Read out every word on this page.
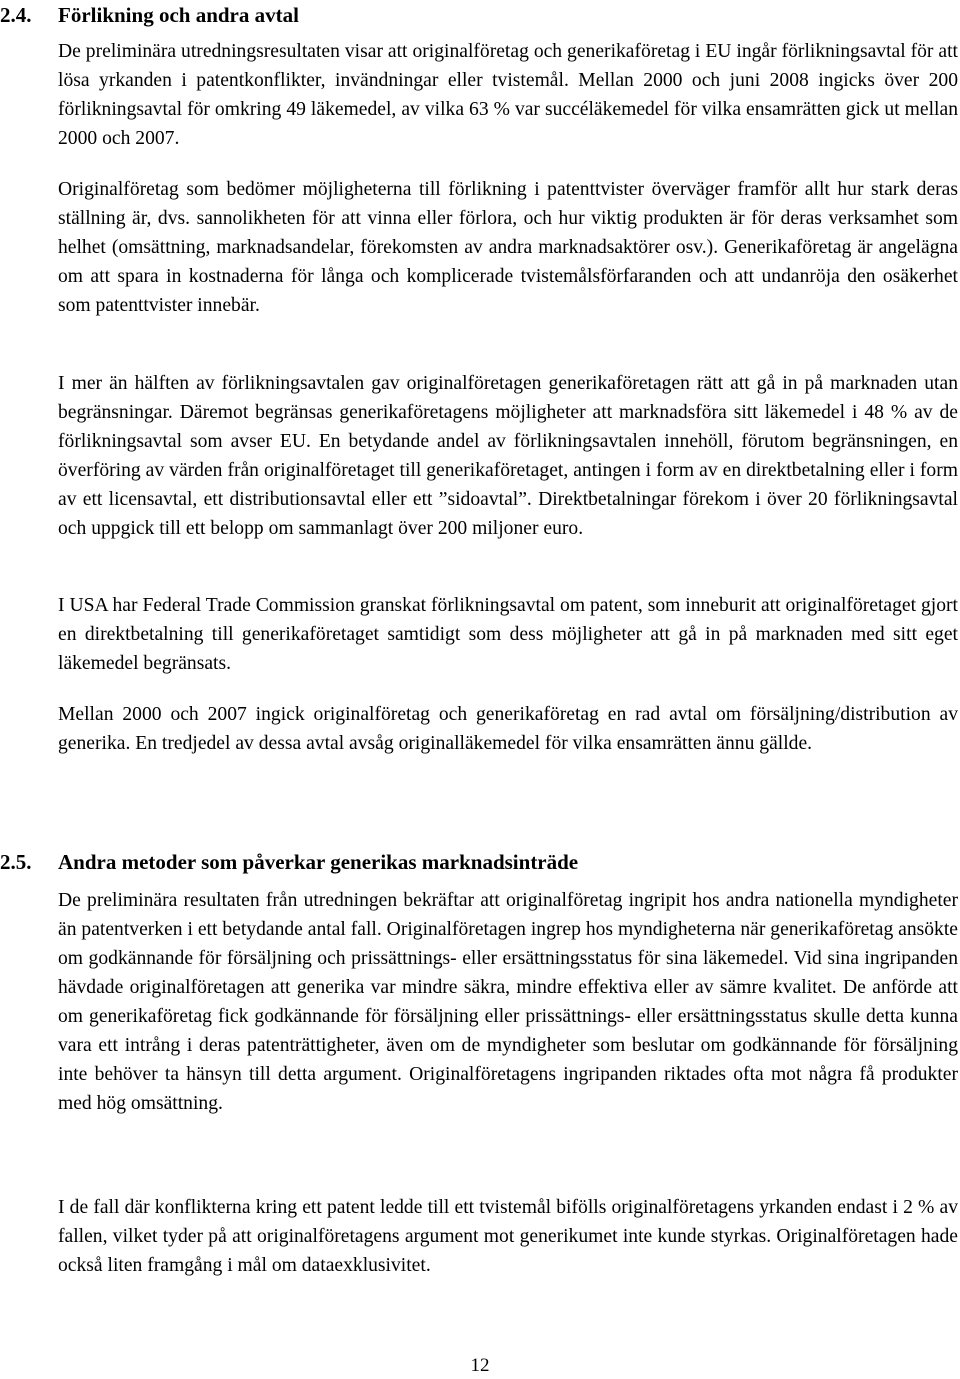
2.4. Förlikning och andra avtal

De preliminära utredningsresultaten visar att originalföretag och generikaföretag i EU ingår förlikningsavtal för att lösa yrkanden i patentkonflikter, invändningar eller tvistemål. Mellan 2000 och juni 2008 ingicks över 200 förlikningsavtal för omkring 49 läkemedel, av vilka 63 % var succéläkemedel för vilka ensamrätten gick ut mellan 2000 och 2007.

Originalföretag som bedömer möjligheterna till förlikning i patenttvister överväger framför allt hur stark deras ställning är, dvs. sannolikheten för att vinna eller förlora, och hur viktig produkten är för deras verksamhet som helhet (omsättning, marknadsandelar, förekomsten av andra marknadsaktörer osv.). Generikaföretag är angelägna om att spara in kostnaderna för långa och komplicerade tvistemålsförfaranden och att undanröja den osäkerhet som patenttvister innebär.

I mer än hälften av förlikningsavtalen gav originalföretagen generikaföretagen rätt att gå in på marknaden utan begränsningar. Däremot begränsas generikaföretagens möjligheter att marknadsföra sitt läkemedel i 48 % av de förlikningsavtal som avser EU. En betydande andel av förlikningsavtalen innehöll, förutom begränsningen, en överföring av värden från originalföretaget till generikaföretaget, antingen i form av en direktbetalning eller i form av ett licensavtal, ett distributionsavtal eller ett ”sidoavtal”. Direktbetalningar förekom i över 20 förlikningsavtal och uppgick till ett belopp om sammanlagt över 200 miljoner euro.

I USA har Federal Trade Commission granskat förlikningsavtal om patent, som inneburit att originalföretaget gjort en direktbetalning till generikaföretaget samtidigt som dess möjligheter att gå in på marknaden med sitt eget läkemedel begränsats.

Mellan 2000 och 2007 ingick originalföretag och generikaföretag en rad avtal om försäljning/distribution av generika. En tredjedel av dessa avtal avsåg originalläkemedel för vilka ensamrätten ännu gällde.

2.5. Andra metoder som påverkar generikas marknadsinträde

De preliminära resultaten från utredningen bekräftar att originalföretag ingripit hos andra nationella myndigheter än patentverken i ett betydande antal fall. Originalföretagen ingrep hos myndigheterna när generikaföretag ansökte om godkännande för försäljning och prissättnings- eller ersättningsstatus för sina läkemedel. Vid sina ingripanden hävdade originalföretagen att generika var mindre säkra, mindre effektiva eller av sämre kvalitet. De anförde att om generikaföretag fick godkännande för försäljning eller prissättnings- eller ersättningsstatus skulle detta kunna vara ett intrång i deras patenträttigheter, även om de myndigheter som beslutar om godkännande för försäljning inte behöver ta hänsyn till detta argument. Originalföretagens ingripanden riktades ofta mot några få produkter med hög omsättning.

I de fall där konflikterna kring ett patent ledde till ett tvistemål bifölls originalföretagens yrkanden endast i 2 % av fallen, vilket tyder på att originalföretagens argument mot generikumet inte kunde styrkas. Originalföretagen hade också liten framgång i mål om dataexklusivitet.

12
